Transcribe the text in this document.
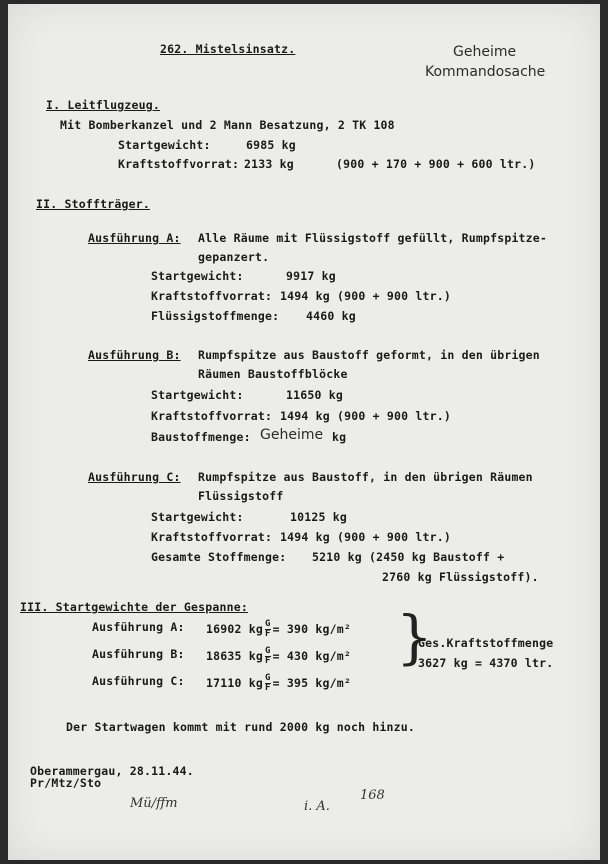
262. Mistelsinsatz.	Geheime
Kommandosache
I. Leitflugzeug.
Mit Bomberkanzel und 2 Mann Besatzung, 2 TK 108
Startgewicht:	6985 kg
Kraftstoffvorrat: 2133 kg	(900 + 170 + 900 + 600 ltr.)
II. Stoffträger.
Ausführung A: Alle Räume mit Flüssigstoff gefüllt, Rumpfspitze-
gepanzert.
Startgewicht:	9917 kg
Kraftstoffvorrat: 1494 kg (900 + 900 ltr.)
Flüssigstoffmenge: 4460 kg
Ausführung B: Rumpfspitze aus Baustoff geformt, in den übrigen
Räumen Baustoffblöcke
Startgewicht:	11650 kg
Kraftstoffvorrat: 1494 kg (900 + 900 ltr.)
Baustoffmenge: Geheime kg
Ausführung C: Rumpfspitze aus Baustoff, in den übrigen Räumen
Flüssigstoff
Startgewicht:	10125 kg
Kraftstoffvorrat: 1494 kg (900 + 900 ltr.)
Gesamte Stoffmenge: 5210 kg (2450 kg Baustoff +
2760 kg Flüssigstoff).
III. Startgewichte der Gespanne:
Ausführung A: 16902 kg $\frac{G}{F} = 390$ kg/m²
Ausführung B: 18635 kg $\frac{G}{F} = 430$ kg/m²
Ausführung C: 17110 kg $\frac{G}{F} = 395$ kg/m²
}
Ges.Kraftstoffmenge
3627 kg = 4370 ltr.
Der Startwagen kommt mit rund 2000 kg noch hinzu.
Oberammergau, 28.11.44.
Pr/Mtz/Sto
Mü/ffm	i. A.
168
